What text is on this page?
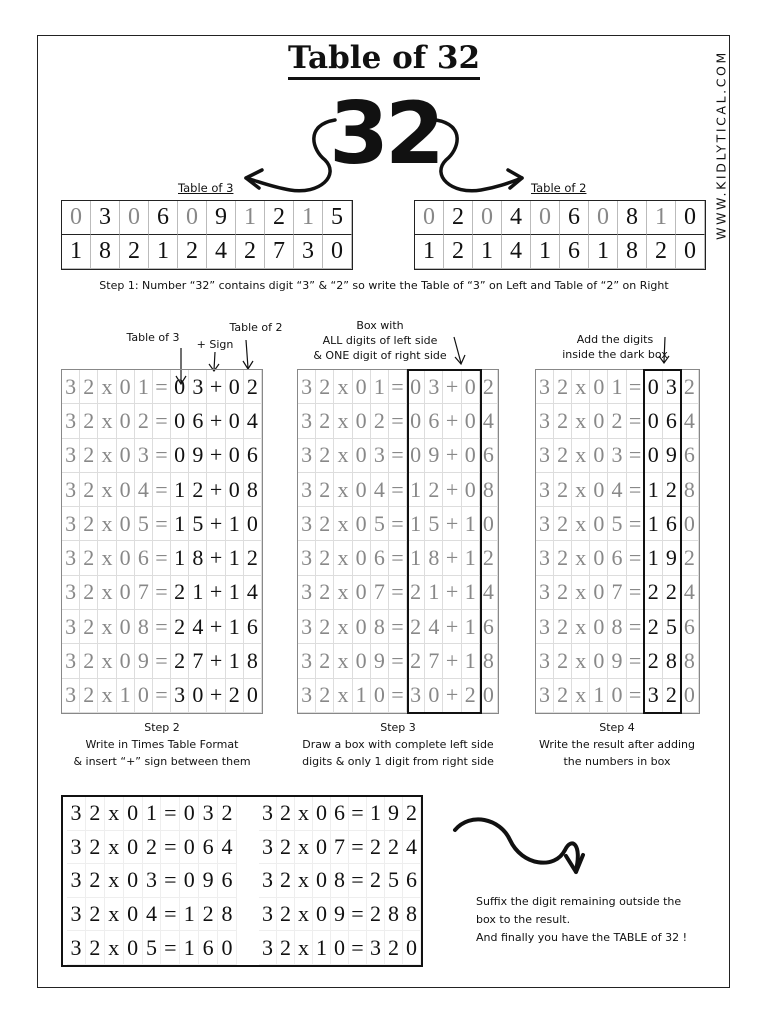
Table of 32	WWW.KIDLYTICAL.COM
32
Table of 3	Table of 2
0 3 0 6 0 9 1 2 1 5
1 8 2 1 2 4 2 7 3 0
0 2 0 4 0 6 0 8 1 0
1 2 1 4 1 6 1 8 2 0
Step 1: Number “32” contains digit “3” & “2” so write the Table of “3” on Left and Table of “2” on Right
Table of 3
+ Sign
Table of 2	Box with
ALL digits of left side
& ONE digit of right side
Add the digits
inside the dark box
3 2 x 0 1 = 0 3 + 0 2
3 2 x 0 2 = 0 6 + 0 4
3 2 x 0 3 = 0 9 + 0 6
3 2 x 0 4 = 1 2 + 0 8
3 2 x 0 5 = 1 5 + 1 0
3 2 x 0 6 = 1 8 + 1 2
3 2 x 0 7 = 2 1 + 1 4
3 2 x 0 8 = 2 4 + 1 6
3 2 x 0 9 = 2 7 + 1 8
3 2 x 1 0 = 3 0 + 2 0
3 2 x 0 1 = 0 3 + 0 2
3 2 x 0 2 = 0 6 + 0 4
3 2 x 0 3 = 0 9 + 0 6
3 2 x 0 4 = 1 2 + 0 8
3 2 x 0 5 = 1 5 + 1 0
3 2 x 0 6 = 1 8 + 1 2
3 2 x 0 7 = 2 1 + 1 4
3 2 x 0 8 = 2 4 + 1 6
3 2 x 0 9 = 2 7 + 1 8
3 2 x 1 0 = 3 0 + 2 0
3 2 x 0 1 = 0 3 2
3 2 x 0 2 = 0 6 4
3 2 x 0 3 = 0 9 6
3 2 x 0 4 = 1 2 8
3 2 x 0 5 = 1 6 0
3 2 x 0 6 = 1 9 2
3 2 x 0 7 = 2 2 4
3 2 x 0 8 = 2 5 6
3 2 x 0 9 = 2 8 8
3 2 x 1 0 = 3 2 0
Step 2
Write in Times Table Format
& insert “+” sign between them
Step 3
Draw a box with complete left side
digits & only 1 digit from right side
Step 4
Write the result after adding
the numbers in box
3 2 x 0 1 = 0 3 2
3 2 x 0 2 = 0 6 4
3 2 x 0 3 = 0 9 6
3 2 x 0 4 = 1 2 8
3 2 x 0 5 = 1 6 0
3 2 x 0 6 = 1 9 2
3 2 x 0 7 = 2 2 4
3 2 x 0 8 = 2 5 6
3 2 x 0 9 = 2 8 8
3 2 x 1 0 = 3 2 0
Suffix the digit remaining outside the
box to the result.
And finally you have the TABLE of 32 !
